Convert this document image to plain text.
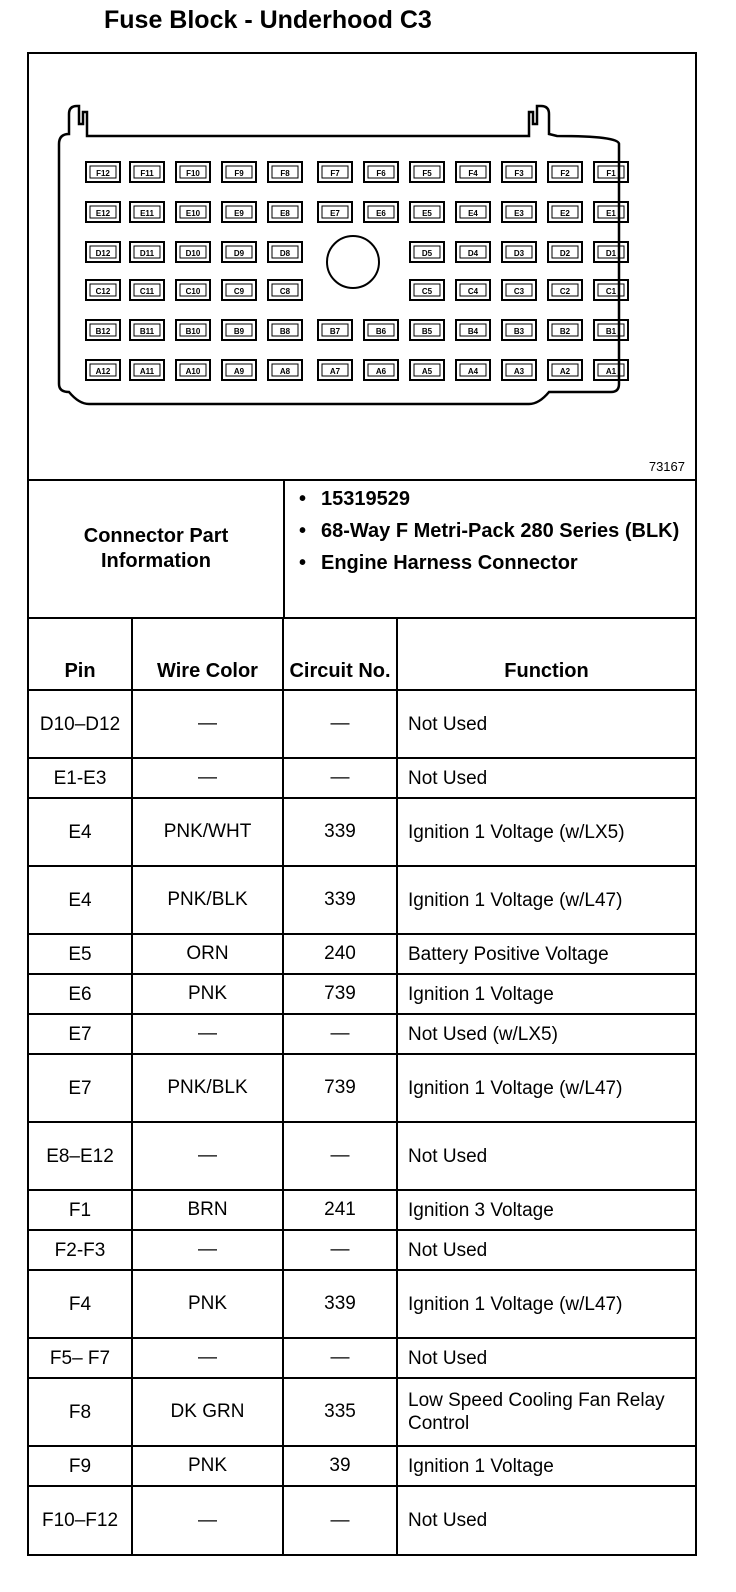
Fuse Block - Underhood C3
F12	F11	F10	F9	F8	F7	F6	F5	F4	F3	F2	F1
E12	E11	E10	E9	E8	E7	E6	E5	E4	E3	E2	E1
D12	D11	D10	D9	D8	D5	D4	D3	D2	D1
C12	C11	C10	C9	C8	C5	C4	C3	C2	C1
B12	B11	B10	B9	B8	B7	B6	B5	B4	B3	B2	B1
A12	A11	A10	A9	A8	A7	A6	A5	A4	A3	A2	A1
73167
Connector Part Information
• 15319529
• 68-Way F Metri-Pack 280 Series (BLK)
• Engine Harness Connector
Pin	Wire Color	Circuit No.	Function
D10–D12	—	—	Not Used
E1-E3	—	—	Not Used
E4	PNK/WHT	339	Ignition 1 Voltage (w/LX5)
E4	PNK/BLK	339	Ignition 1 Voltage (w/L47)
E5	ORN	240	Battery Positive Voltage
E6	PNK	739	Ignition 1 Voltage
E7	—	—	Not Used (w/LX5)
E7	PNK/BLK	739	Ignition 1 Voltage (w/L47)
E8–E12	—	—	Not Used
F1	BRN	241	Ignition 3 Voltage
F2-F3	—	—	Not Used
F4	PNK	339	Ignition 1 Voltage (w/L47)
F5– F7	—	—	Not Used
F8	DK GRN	335	Low Speed Cooling Fan Relay Control
F9	PNK	39	Ignition 1 Voltage
F10–F12	—	—	Not Used
